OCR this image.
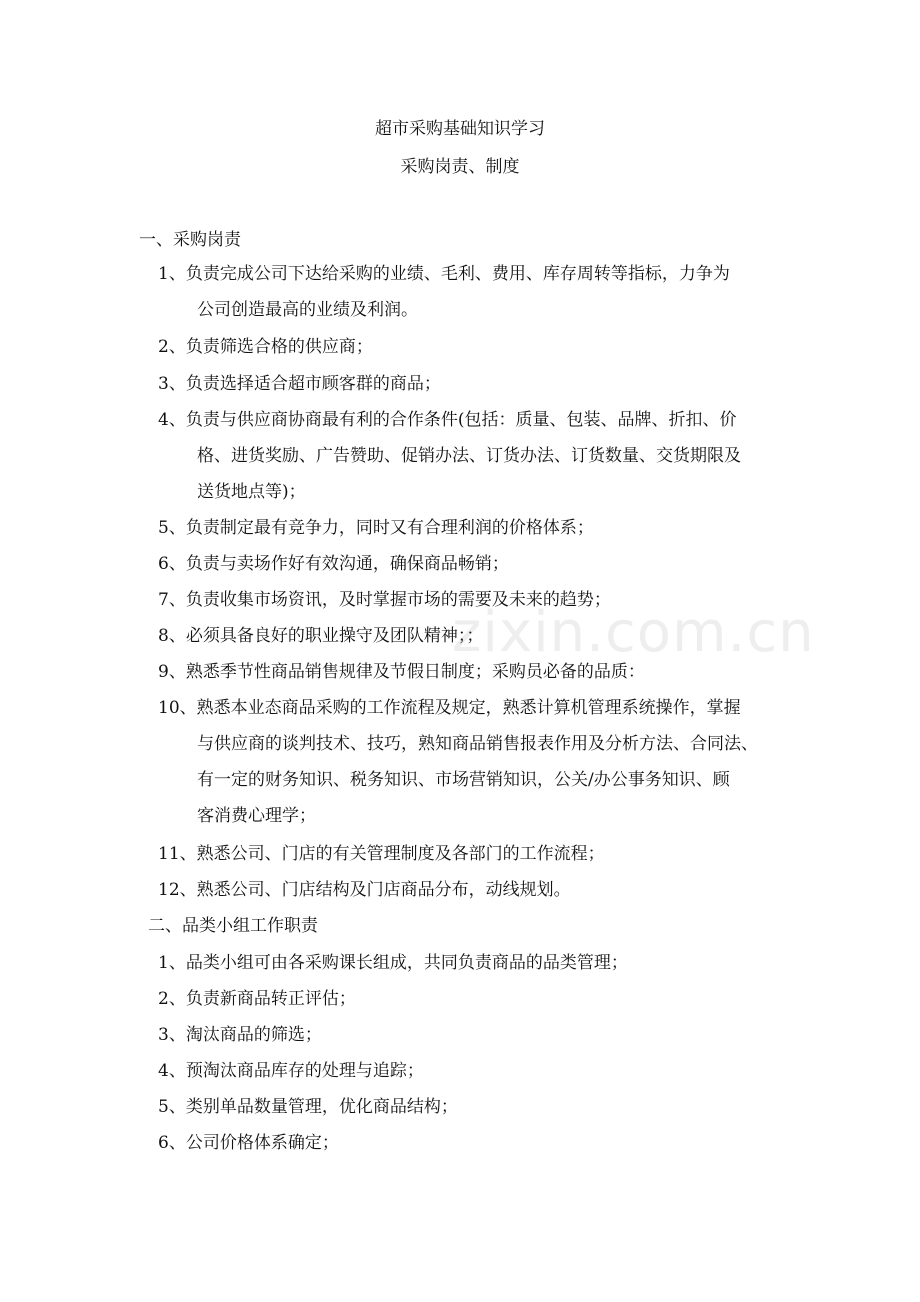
超市采购基础知识学习
采购岗责、制度
一、采购岗责
1、负责完成公司下达给采购的业绩、毛利、费用、库存周转等指标，力争为
公司创造最高的业绩及利润。
2、负责筛选合格的供应商；
3、负责选择适合超市顾客群的商品；
4、负责与供应商协商最有利的合作条件(包括：质量、包装、品牌、折扣、价
格、进货奖励、广告赞助、促销办法、订货办法、订货数量、交货期限及
送货地点等)；
5、负责制定最有竞争力，同时又有合理利润的价格体系；
6、负责与卖场作好有效沟通，确保商品畅销；
7、负责收集市场资讯，及时掌握市场的需要及未来的趋势；
8、必须具备良好的职业操守及团队精神；；
9、熟悉季节性商品销售规律及节假日制度；采购员必备的品质：
10、熟悉本业态商品采购的工作流程及规定，熟悉计算机管理系统操作，掌握
与供应商的谈判技术、技巧，熟知商品销售报表作用及分析方法、合同法、
有一定的财务知识、税务知识、市场营销知识，公关/办公事务知识、顾
客消费心理学；
11、熟悉公司、门店的有关管理制度及各部门的工作流程；
12、熟悉公司、门店结构及门店商品分布，动线规划。
二、品类小组工作职责
1、品类小组可由各采购课长组成，共同负责商品的品类管理；
2、负责新商品转正评估；
3、淘汰商品的筛选；
4、预淘汰商品库存的处理与追踪；
5、类别单品数量管理，优化商品结构；
6、公司价格体系确定；
zixin.com.cn
